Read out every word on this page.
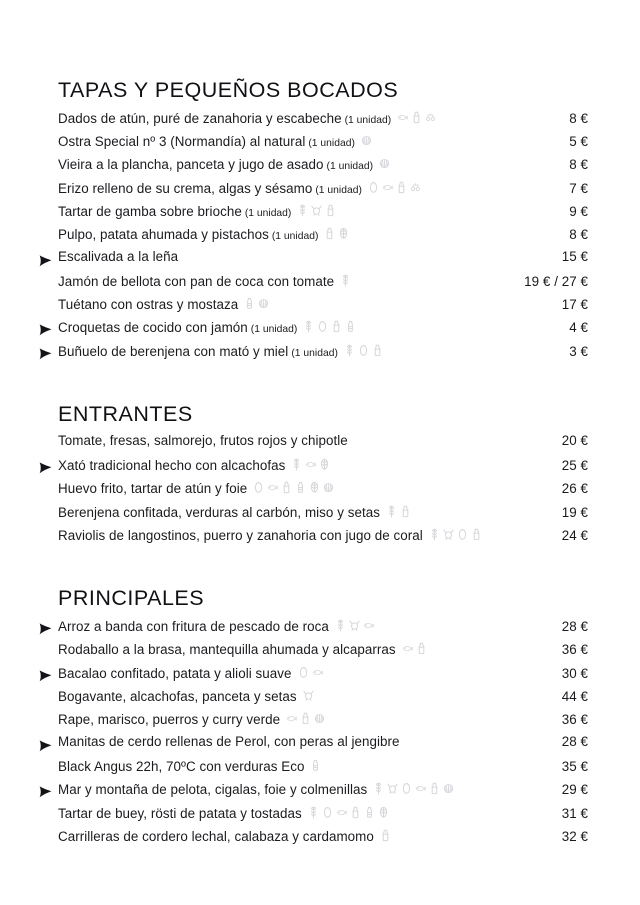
TAPAS Y PEQUEÑOS BOCADOS
Dados de atún, puré de zanahoria y escabeche (1 unidad)	8 €
Ostra Special nº 3 (Normandía) al natural (1 unidad)	5 €
Vieira a la plancha, panceta y jugo de asado (1 unidad)	8 €
Erizo relleno de su crema, algas y sésamo (1 unidad)	7 €
Tartar de gamba sobre brioche (1 unidad)	9 €
Pulpo, patata ahumada y pistachos (1 unidad)	8 €
Escalivada a la leña	15 €
Jamón de bellota con pan de coca con tomate	19 € / 27 €
Tuétano con ostras y mostaza	17 €
Croquetas de cocido con jamón (1 unidad)	4 €
Buñuelo de berenjena con mató y miel (1 unidad)	3 €
ENTRANTES
Tomate, fresas, salmorejo, frutos rojos y chipotle	20 €
Xató tradicional hecho con alcachofas	25 €
Huevo frito, tartar de atún y foie	26 €
Berenjena confitada, verduras al carbón, miso y setas	19 €
Raviolis de langostinos, puerro y zanahoria con jugo de coral	24 €
PRINCIPALES
Arroz a banda con fritura de pescado de roca	28 €
Rodaballo a la brasa, mantequilla ahumada y alcaparras	36 €
Bacalao confitado, patata y alioli suave	30 €
Bogavante, alcachofas, panceta y setas	44 €
Rape, marisco, puerros y curry verde	36 €
Manitas de cerdo rellenas de Perol, con peras al jengibre	28 €
Black Angus 22h, 70ºC con verduras Eco	35 €
Mar y montaña de pelota, cigalas, foie y colmenillas	29 €
Tartar de buey, rösti de patata y tostadas	31 €
Carrilleras de cordero lechal, calabaza y cardamomo	32 €
